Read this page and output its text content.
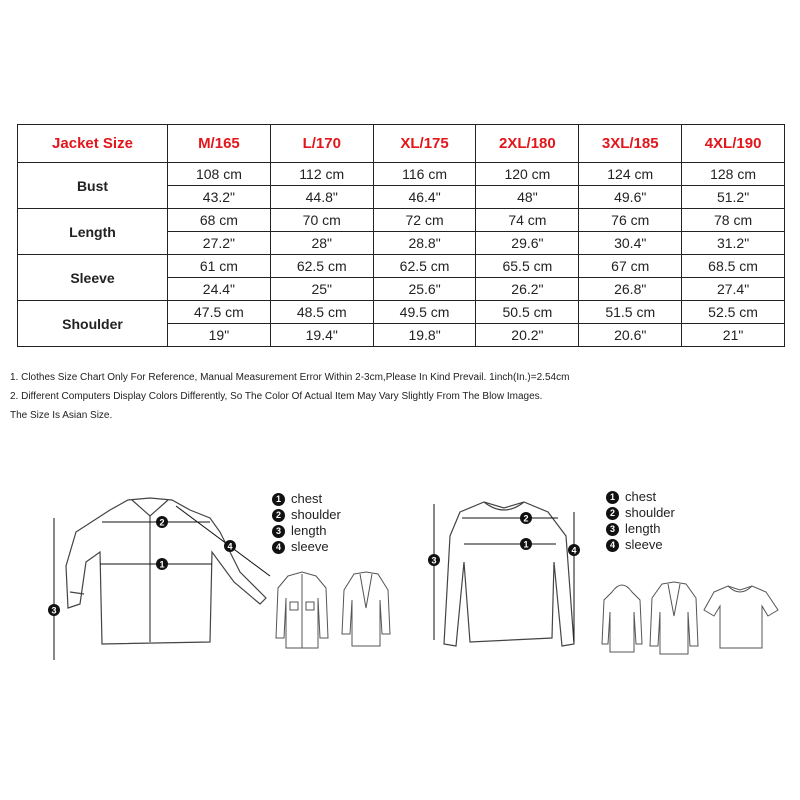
Jacket Size	M/165	L/170	XL/175	2XL/180	3XL/185	4XL/190
Bust	108 cm	112 cm	116 cm	120 cm	124 cm	128 cm
	43.2"	44.8"	46.4"	48"	49.6"	51.2"
Length	68 cm	70 cm	72 cm	74 cm	76 cm	78 cm
	27.2"	28"	28.8"	29.6"	30.4"	31.2"
Sleeve	61 cm	62.5 cm	62.5 cm	65.5 cm	67 cm	68.5 cm
	24.4"	25"	25.6"	26.2"	26.8"	27.4"
Shoulder	47.5 cm	48.5 cm	49.5 cm	50.5 cm	51.5 cm	52.5 cm
	19"	19.4"	19.8"	20.2"	20.6"	21"
1. Clothes Size Chart Only For Reference, Manual Measurement Error Within 2-3cm,Please In Kind Prevail. 1inch(In.)=2.54cm
2. Different Computers Display Colors Differently, So The Color Of Actual Item May Vary Slightly From The Blow Images.
The Size Is Asian Size.
1
2
3
4
1 chest
2 shoulder
3 length
4 sleeve
2
1
3
4
1 chest
2 shoulder
3 length
4 sleeve
